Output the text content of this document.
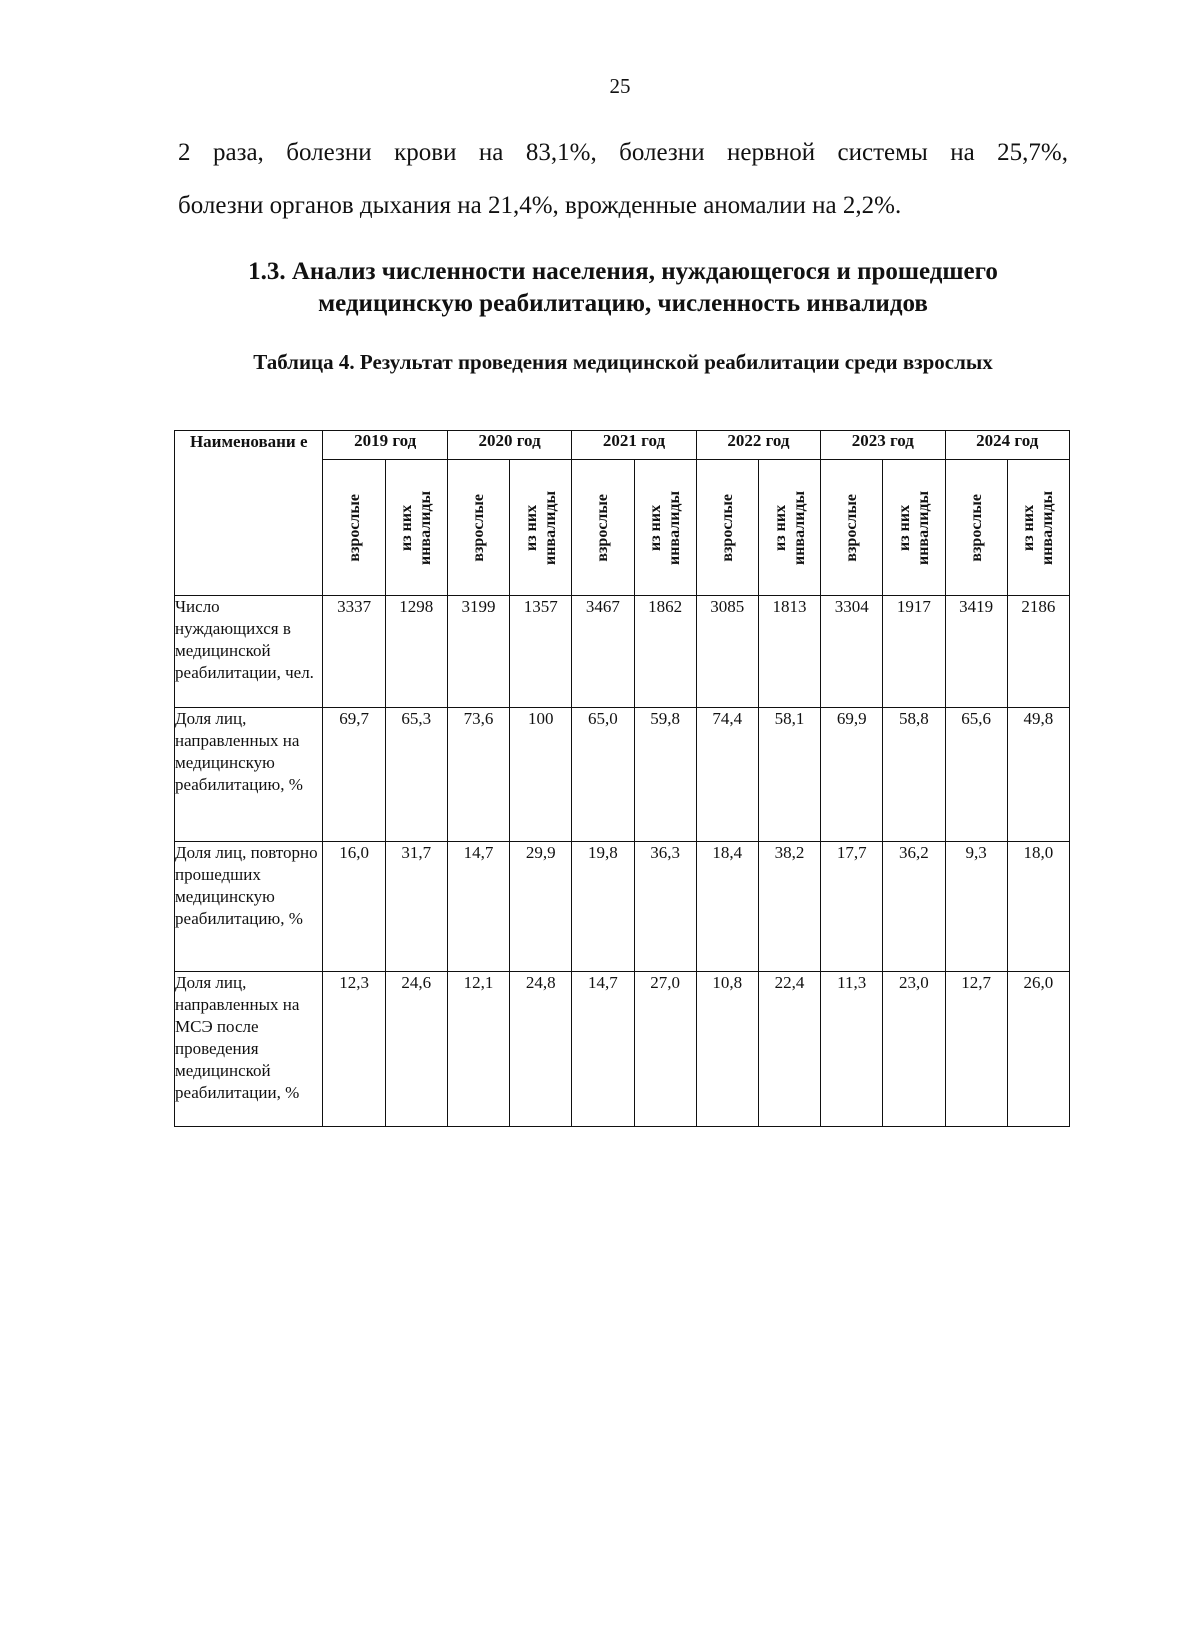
25
2 раза, болезни крови на 83,1%, болезни нервной системы на 25,7%,
болезни органов дыхания на 21,4%, врожденные аномалии на 2,2%.
1.3. Анализ численности населения, нуждающегося и прошедшего
медицинскую реабилитацию, численность инвалидов
Таблица 4. Результат проведения медицинской реабилитации среди взрослых
Наименовани е	2019 год		2020 год		2021 год		2022 год		2023 год		2024 год	

	взрослые	из них
инвалиды	взрослые	из них
инвалиды	взрослые	из них
инвалиды	взрослые	из них
инвалиды	взрослые	из них
инвалиды	взрослые	из них
инвалиды

Число нуждающихся в медицинской реабилитации, чел.	3337	1298	3199	1357	3467	1862	3085	1813	3304	1917	3419	2186
Доля лиц, направленных на медицинскую реабилитацию, %	69,7	65,3	73,6	100	65,0	59,8	74,4	58,1	69,9	58,8	65,6	49,8
Доля лиц, повторно прошедших медицинскую реабилитацию, %	16,0	31,7	14,7	29,9	19,8	36,3	18,4	38,2	17,7	36,2	9,3	18,0
Доля лиц, направленных на МСЭ после проведения медицинской реабилитации, %	12,3	24,6	12,1	24,8	14,7	27,0	10,8	22,4	11,3	23,0	12,7	26,0
